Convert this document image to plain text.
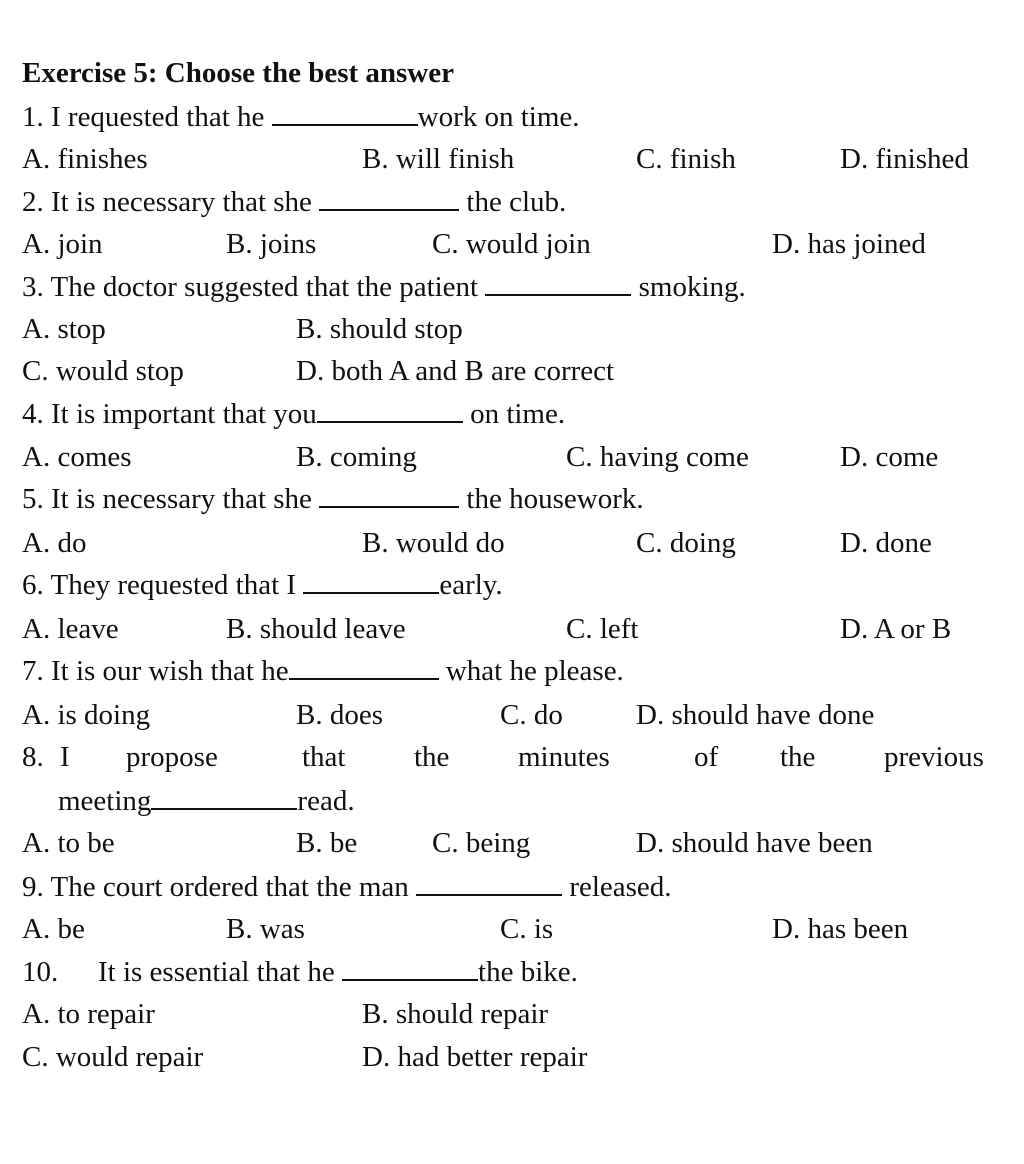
Exercise 5: Choose the best answer
1. I requested that he	work on time.
A. finishes	B. will finish	C. finish	D. finished
2. It is necessary that she	the club.
A. join	B. joins	C. would join	D. has joined
3. The doctor suggested that the patient	smoking.
A. stop	B. should stop
C. would stop	D. both A and B are correct
4. It is important that you	on time.
A. comes	B. coming	C. having come	D. come
5. It is necessary that she	the housework.
A. do	B. would do	C. doing	D. done
6. They requested that I	early.
A. leave	B. should leave	C. left	D. A or B
7. It is our wish that he	what he please.
A. is doing	B. does	C. do	D. should have done
8. I propose	that the minutes	of the previous
meeting	read.
A. to be	B. be	C. being	D. should have been
9. The court ordered that the man	released.
A. be	B. was	C. is	D. has been
10. It is essential that he	the bike.
A. to repair	B. should repair
C. would repair	D. had better repair
